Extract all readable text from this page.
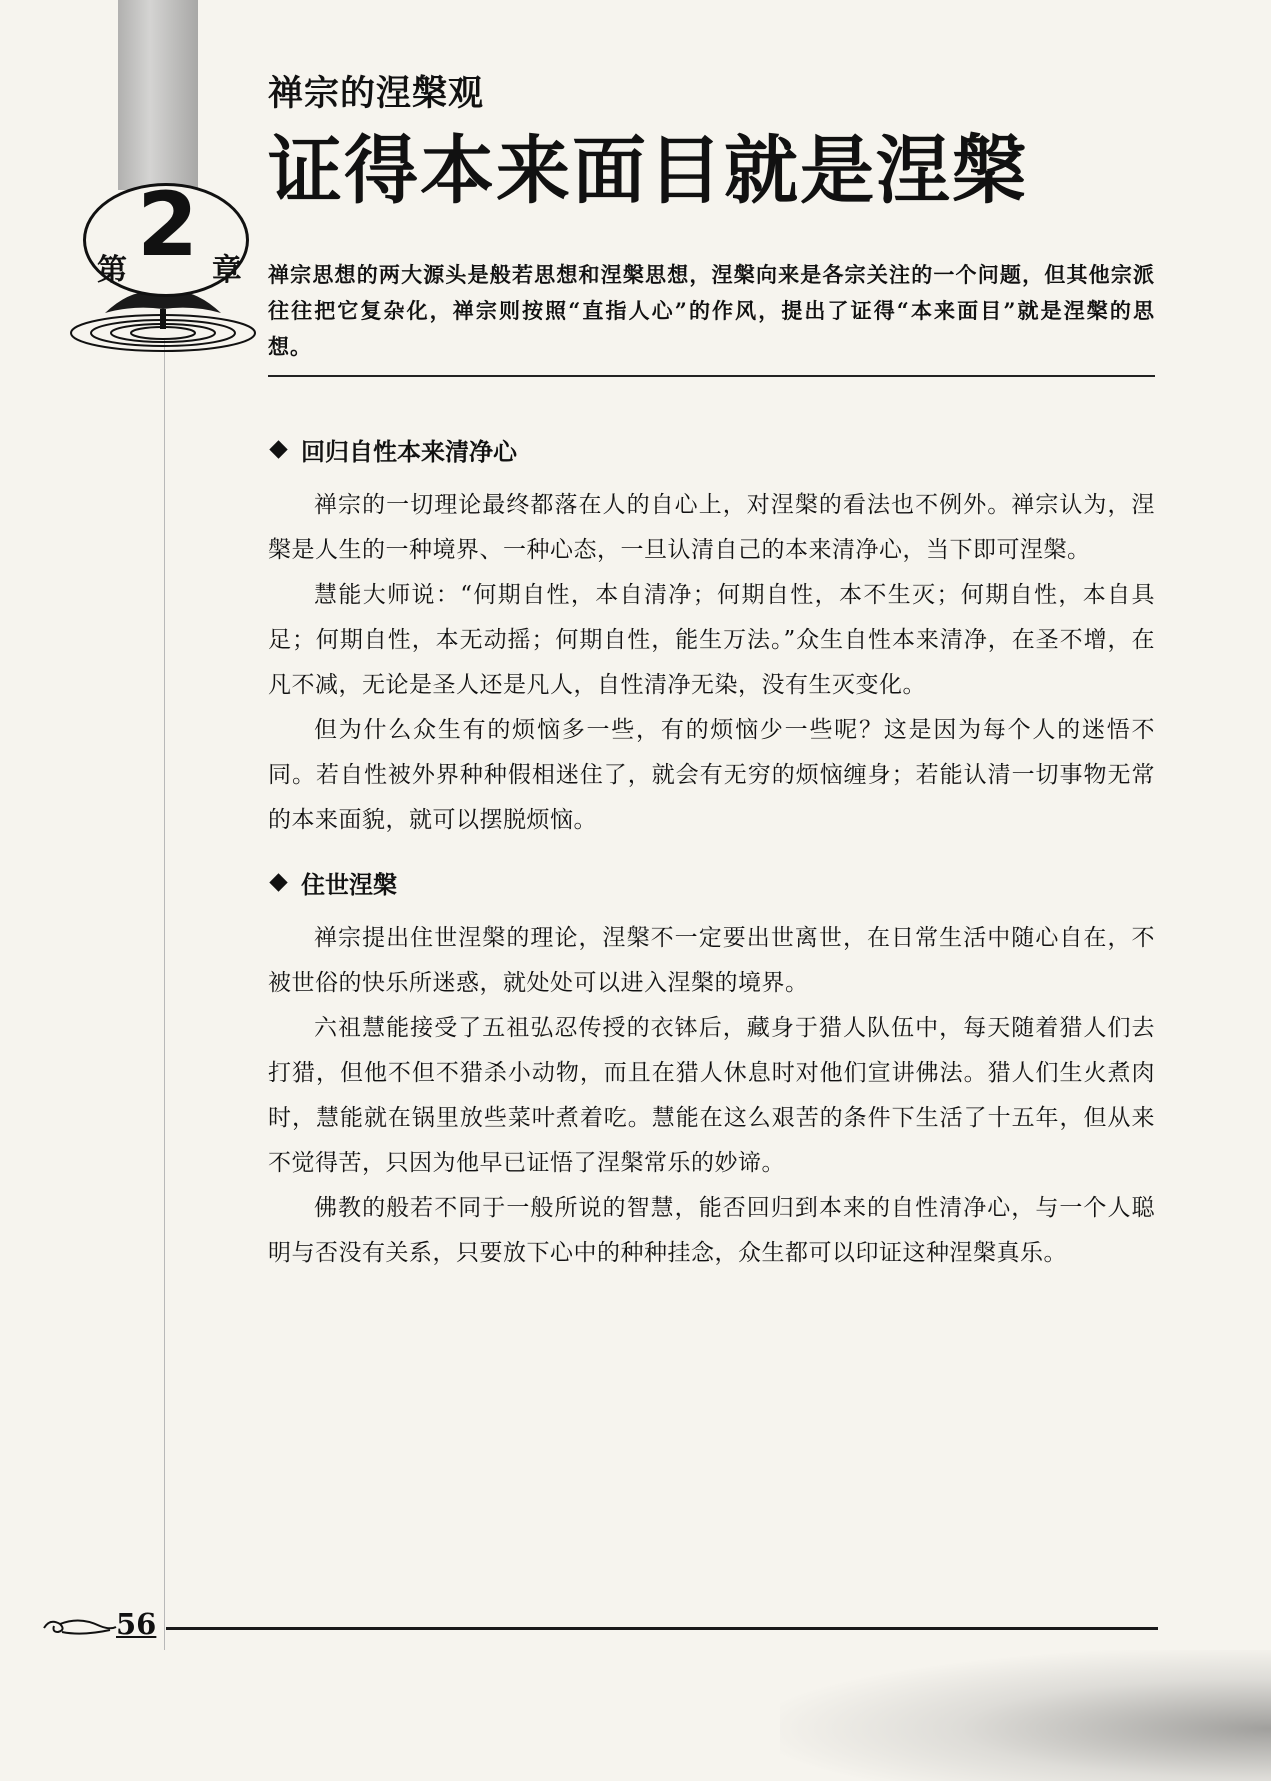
第 2 章
禅宗的涅槃观
证得本来面目就是涅槃
禅宗思想的两大源头是般若思想和涅槃思想，涅槃向来是各宗关注的一个问题，但其他宗派往往把它复杂化，禅宗则按照“直指人心”的作风，提出了证得“本来面目”就是涅槃的思想。
回归自性本来清净心

禅宗的一切理论最终都落在人的自心上，对涅槃的看法也不例外。禅宗认为，涅槃是人生的一种境界、一种心态，一旦认清自己的本来清净心，当下即可涅槃。

慧能大师说：“何期自性，本自清净；何期自性，本不生灭；何期自性，本自具足；何期自性，本无动摇；何期自性，能生万法。”众生自性本来清净，在圣不增，在凡不减，无论是圣人还是凡人，自性清净无染，没有生灭变化。

但为什么众生有的烦恼多一些，有的烦恼少一些呢？这是因为每个人的迷悟不同。若自性被外界种种假相迷住了，就会有无穷的烦恼缠身；若能认清一切事物无常的本来面貌，就可以摆脱烦恼。

住世涅槃

禅宗提出住世涅槃的理论，涅槃不一定要出世离世，在日常生活中随心自在，不被世俗的快乐所迷惑，就处处可以进入涅槃的境界。

六祖慧能接受了五祖弘忍传授的衣钵后，藏身于猎人队伍中，每天随着猎人们去打猎，但他不但不猎杀小动物，而且在猎人休息时对他们宣讲佛法。猎人们生火煮肉时，慧能就在锅里放些菜叶煮着吃。慧能在这么艰苦的条件下生活了十五年，但从来不觉得苦，只因为他早已证悟了涅槃常乐的妙谛。

佛教的般若不同于一般所说的智慧，能否回归到本来的自性清净心，与一个人聪明与否没有关系，只要放下心中的种种挂念，众生都可以印证这种涅槃真乐。

56
